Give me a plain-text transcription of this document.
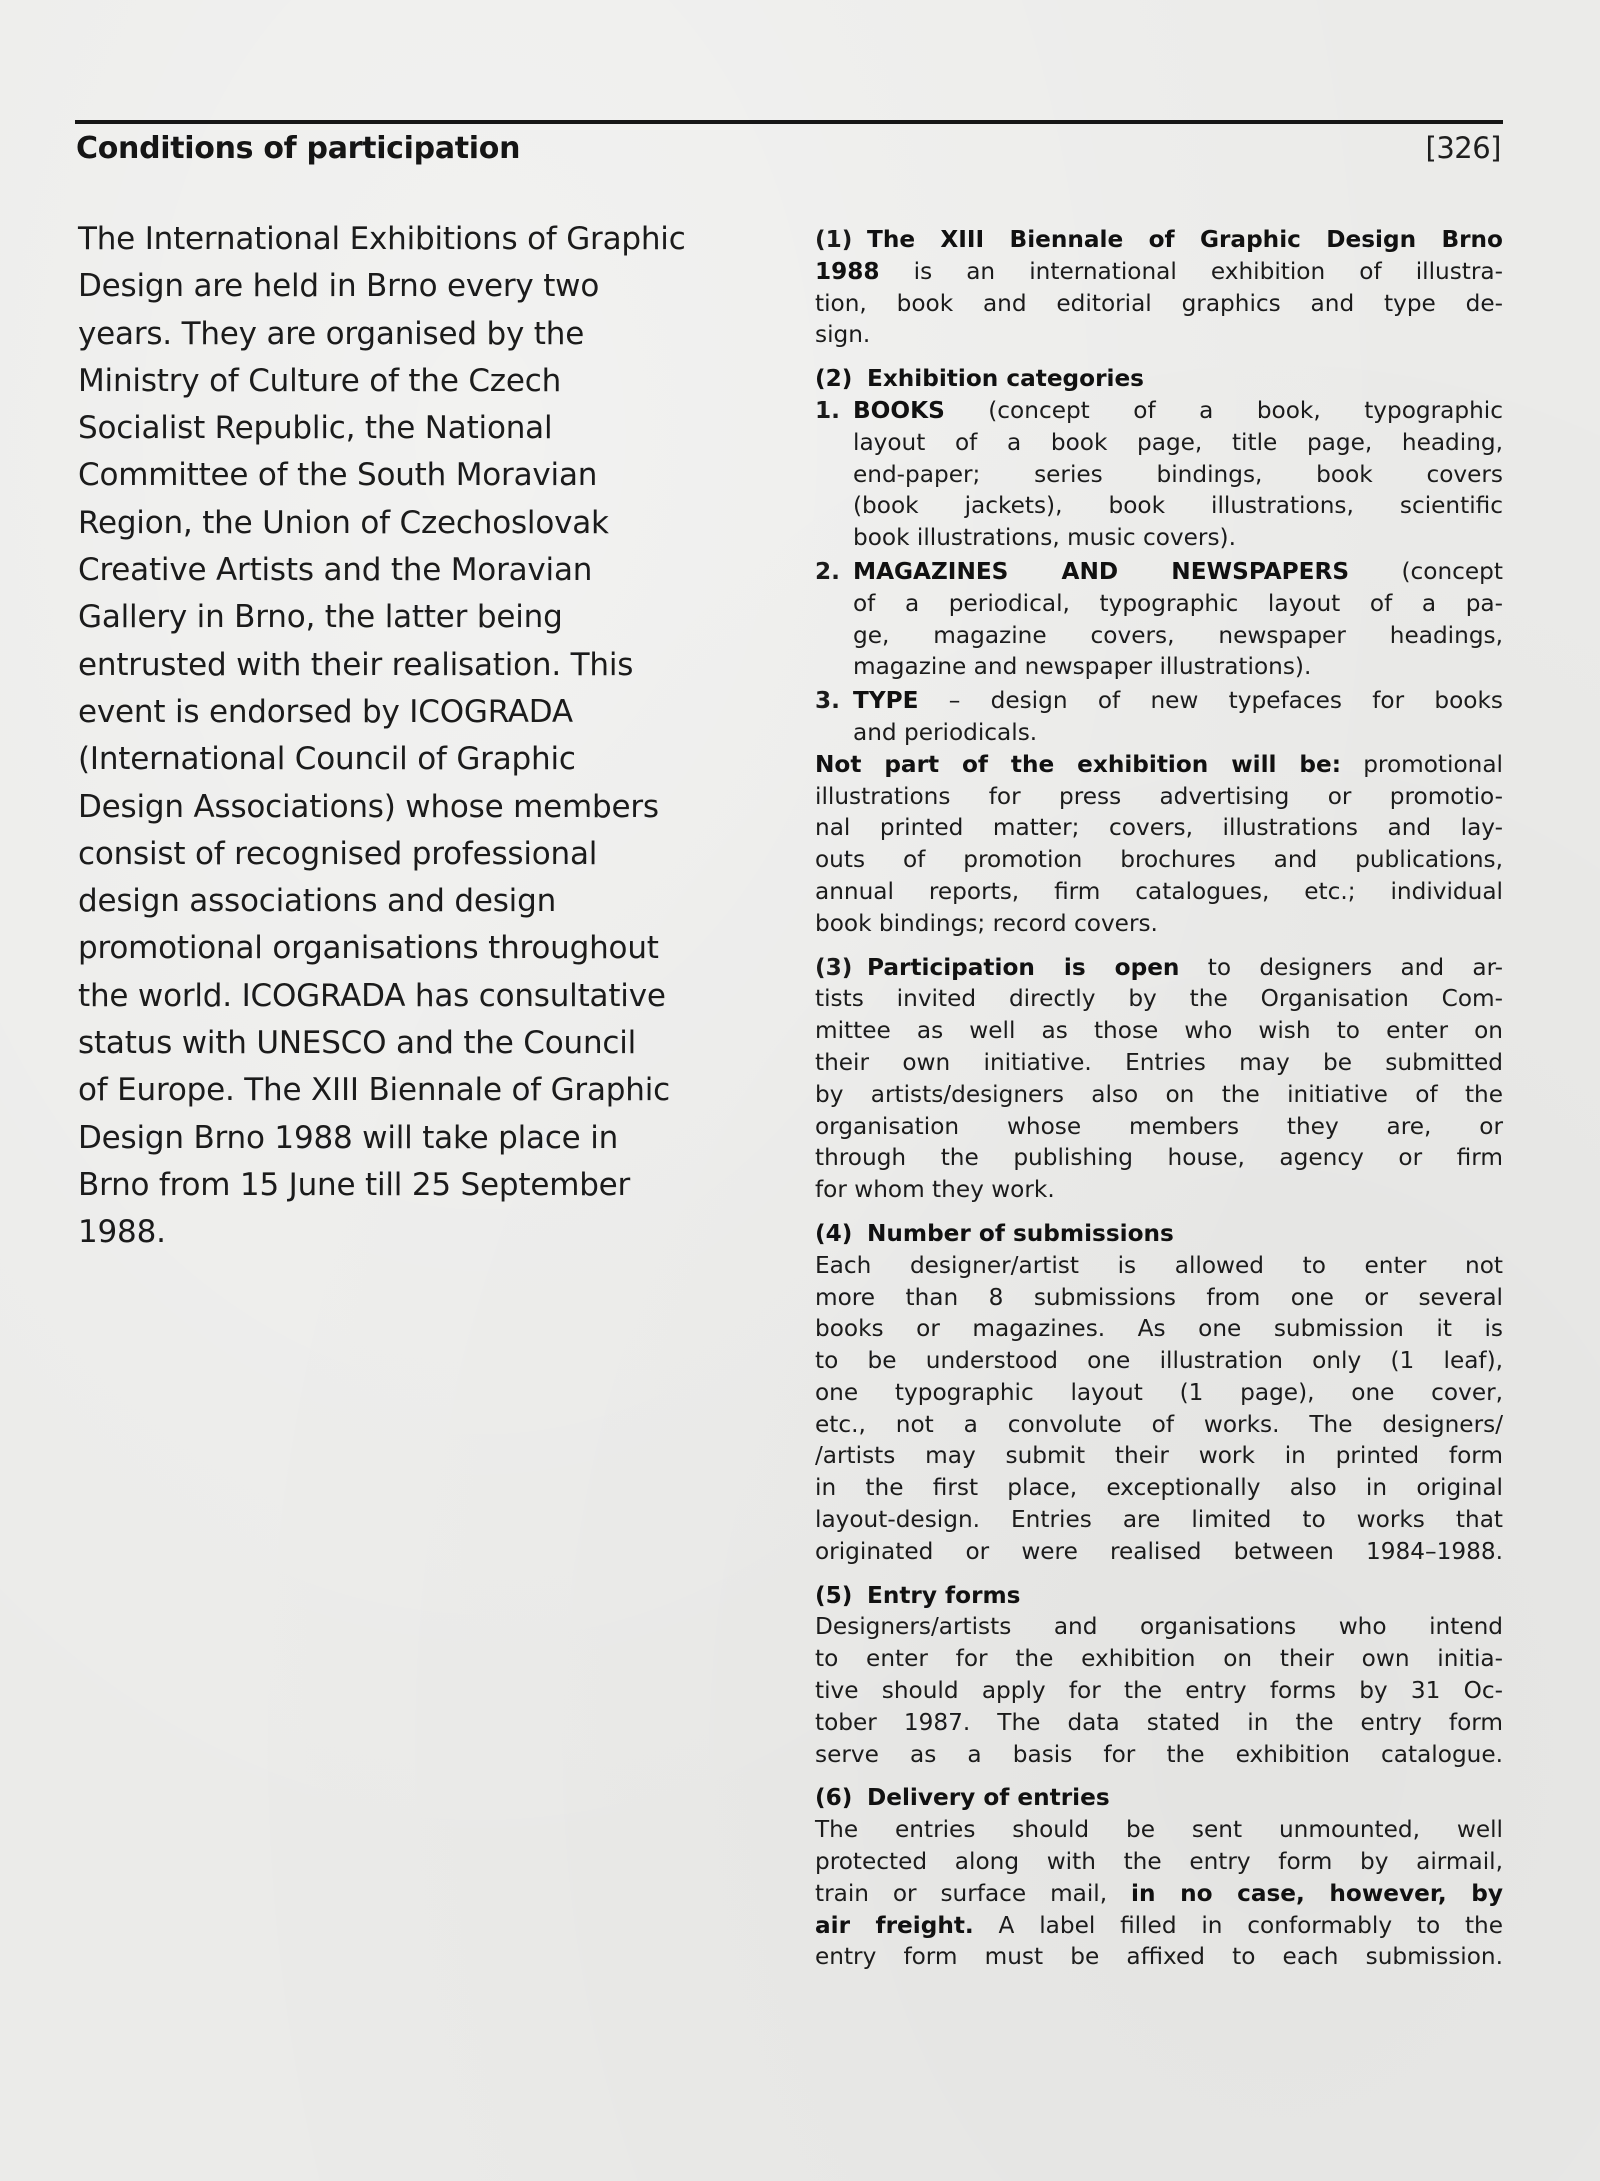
Conditions of participation	[326]
The International Exhibitions of Graphic
Design are held in Brno every two
years. They are organised by the
Ministry of Culture of the Czech
Socialist Republic, the National
Committee of the South Moravian
Region, the Union of Czechoslovak
Creative Artists and the Moravian
Gallery in Brno, the latter being
entrusted with their realisation. This
event is endorsed by ICOGRADA
(International Council of Graphic
Design Associations) whose members
consist of recognised professional
design associations and design
promotional organisations throughout
the world. ICOGRADA has consultative
status with UNESCO and the Council
of Europe. The XIII Biennale of Graphic
Design Brno 1988 will take place in
Brno from 15 June till 25 September
1988.
(1) The XIII Biennale of Graphic Design Brno
1988 is an international exhibition of illustra-
tion, book and editorial graphics and type de-
sign.
(2) Exhibition categories
1. BOOKS (concept of a book, typographic
layout of a book page, title page, heading,
end-paper; series bindings, book covers
(book jackets), book illustrations, scientific
book illustrations, music covers).
2. MAGAZINES AND NEWSPAPERS (concept
of a periodical, typographic layout of a pa-
ge, magazine covers, newspaper headings,
magazine and newspaper illustrations).
3. TYPE – design of new typefaces for books
and periodicals.
Not part of the exhibition will be: promotional
illustrations for press advertising or promotio-
nal printed matter; covers, illustrations and lay-
outs of promotion brochures and publications,
annual reports, firm catalogues, etc.; individual
book bindings; record covers.
(3) Participation is open to designers and ar-
tists invited directly by the Organisation Com-
mittee as well as those who wish to enter on
their own initiative. Entries may be submitted
by artists/designers also on the initiative of the
organisation whose members they are, or
through the publishing house, agency or firm
for whom they work.
(4) Number of submissions
Each designer/artist is allowed to enter not
more than 8 submissions from one or several
books or magazines. As one submission it is
to be understood one illustration only (1 leaf),
one typographic layout (1 page), one cover,
etc., not a convolute of works. The designers/
/artists may submit their work in printed form
in the first place, exceptionally also in original
layout-design. Entries are limited to works that
originated or were realised between 1984–1988.
(5) Entry forms
Designers/artists and organisations who intend
to enter for the exhibition on their own initia-
tive should apply for the entry forms by 31 Oc-
tober 1987. The data stated in the entry form
serve as a basis for the exhibition catalogue.
(6) Delivery of entries
The entries should be sent unmounted, well
protected along with the entry form by airmail,
train or surface mail, in no case, however, by
air freight. A label filled in conformably to the
entry form must be affixed to each submission.
